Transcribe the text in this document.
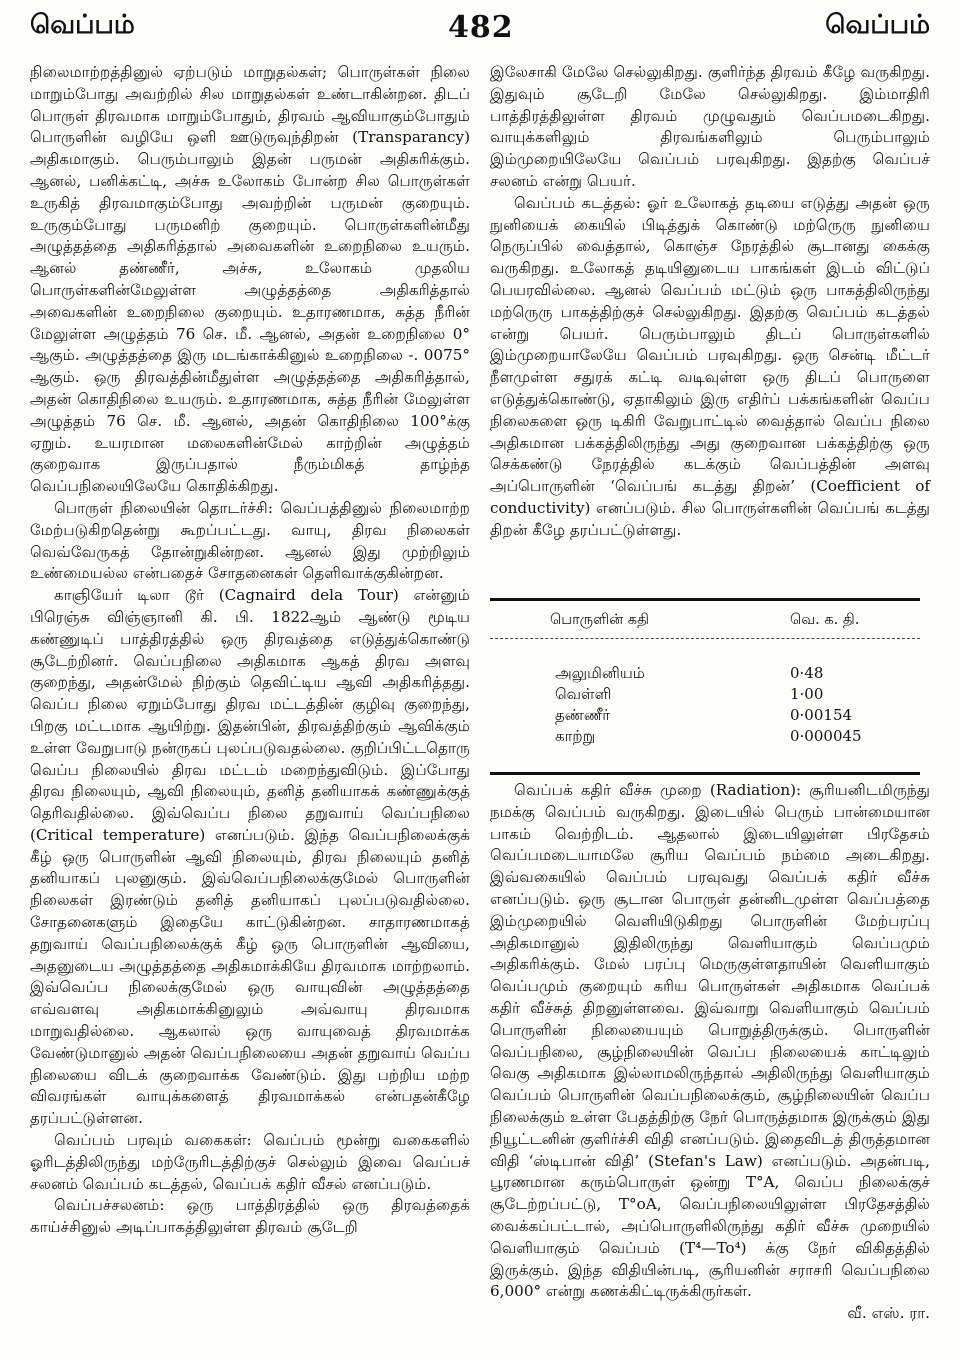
வெப்பம்	482	வெப்பம்

நிலைமாற்றத்தினுல் ஏற்படும் மாறுதல்கள்; பொருள்கள் நிலை மாறும்போது அவற்றில் சில மாறுதல்கள் உண்டாகின்றன. திடப் பொருள் திரவமாக மாறும்போதும், திரவம் ஆவியாகும்போதும் பொருளின் வழியே ஒளி ஊடுருவுந்திறன் (Transparancy) அதிகமாகும். பெரும்பாலும் இதன் பருமன் அதிகரிக்கும். ஆனல், பனிக்கட்டி, அச்சு உலோகம் போன்ற சில பொருள்கள் உருகித் திரவமாகும்போது அவற்றின் பருமன் குறையும். உருகும்போது பருமனிற் குறையும். பொருள்களின்மீது அழுத்தத்தை அதிகரித்தால் அவைகளின் உறைநிலை உயரும். ஆனல் தண்ணீர், அச்சு, உலோகம் முதலிய பொருள்களின்மேலுள்ள அழுத்தத்தை அதிகரித்தால் அவைகளின் உறைநிலை குறையும். உதாரணமாக, சுத்த நீரின் மேலுள்ள அழுத்தம் 76 செ. மீ. ஆனல், அதன் உறைநிலை 0° ஆகும். அழுத்தத்தை இரு மடங்காக்கினுல் உறைநிலை -. 0075° ஆகும். ஒரு திரவத்தின்மீதுள்ள அழுத்தத்தை அதிகரித்தால், அதன் கொதிநிலை உயரும். உதாரணமாக, சுத்த நீரின் மேலுள்ள அழுத்தம் 76 செ. மீ. ஆனல், அதன் கொதிநிலை 100°க்கு ஏறும். உயரமான மலைகளின்மேல் காற்றின் அழுத்தம் குறைவாக இருப்பதால் நீரும்மிகத் தாழ்ந்த வெப்பநிலையிலேயே கொதிக்கிறது.

பொருள் நிலையின் தொடர்ச்சி: வெப்பத்தினுல் நிலைமாற்ற மேற்படுகிறதென்று கூறப்பட்டது. வாயு, திரவ நிலைகள் வெவ்வேருகத் தோன்றுகின்றன. ஆனல் இது முற்றிலும் உண்மையல்ல என்பதைச் சோதனைகள் தெளிவாக்குகின்றன.

காஞியேர் டிலா டூர் (Cagnaird dela Tour) என்னும் பிரெஞ்சு விஞ்ஞானி கி. பி. 1822ஆம் ஆண்டு மூடிய கண்ணுடிப் பாத்திரத்தில் ஒரு திரவத்தை எடுத்துக்கொண்டு சூடேற்றினர். வெப்பநிலை அதிகமாக ஆகத் திரவ அளவு குறைந்து, அதன்மேல் நிற்கும் தெவிட்டிய ஆவி அதிகரித்தது. வெப்ப நிலை ஏறும்போது திரவ மட்டத்தின் குழிவு குறைந்து, பிறகு மட்டமாக ஆயிற்று. இதன்பின், திரவத்திற்கும் ஆவிக்கும் உள்ள வேறுபாடு நன்ருகப் புலப்படுவதல்லை. குறிப்பிட்டதொரு வெப்ப நிலையில் திரவ மட்டம் மறைந்துவிடும். இப்போது திரவ நிலையும், ஆவி நிலையும், தனித் தனியாகக் கண்ணுக்குத் தெரிவதில்லை. இவ்வெப்ப நிலை தறுவாய் வெப்பநிலை (Critical temperature) எனப்படும். இந்த வெப்பநிலைக்குக் கீழ் ஒரு பொருளின் ஆவி நிலையும், திரவ நிலையும் தனித் தனியாகப் புலனுகும். இவ்வெப்பநிலைக்குமேல் பொருளின் நிலைகள் இரண்டும் தனித் தனியாகப் புலப்படுவதில்லை. சோதனைகளும் இதையே காட்டுகின்றன. சாதாரணமாகத் தறுவாய் வெப்பநிலைக்குக் கீழ் ஒரு பொருளின் ஆவியை, அதனுடைய அழுத்தத்தை அதிகமாக்கியே திரவமாக மாற்றலாம். இவ்வெப்ப நிலைக்குமேல் ஒரு வாயுவின் அழுத்தத்தை எவ்வளவு அதிகமாக்கினுலும் அவ்வாயு திரவமாக மாறுவதில்லை. ஆகலால் ஒரு வாயுவைத் திரவமாக்க வேண்டுமானுல் அதன் வெப்பநிலையை அதன் தறுவாய் வெப்ப நிலையை விடக் குறைவாக்க வேண்டும். இது பற்றிய மற்ற விவரங்கள் வாயுக்களைத் திரவமாக்கல் என்பதன்கீழே தரப்பட்டுள்ளன.

வெப்பம் பரவும் வகைகள்: வெப்பம் மூன்று வகைகளில் ஓரிடத்திலிருந்து மற்ருேரிடத்திற்குச் செல்லும் இவை வெப்பச் சலனம் வெப்பம் கடத்தல், வெப்பக் கதிர் வீசல் எனப்படும்.

வெப்பச்சலனம்: ஒரு பாத்திரத்தில் ஒரு திரவத்தைக் காய்ச்சினுல் அடிப்பாகத்திலுள்ள திரவம் சூடேறி

இலேசாகி மேலே செல்லுகிறது. குளிர்ந்த திரவம் கீழே வருகிறது. இதுவும் சூடேறி மேலே செல்லுகிறது. இம்மாதிரி பாத்திரத்திலுள்ள திரவம் முழுவதும் வெப்பமடைகிறது. வாயுக்களிலும் திரவங்களிலும் பெரும்பாலும் இம்முறையிலேயே வெப்பம் பரவுகிறது. இதற்கு வெப்பச் சலனம் என்று பெயர்.

வெப்பம் கடத்தல்: ஓர் உலோகத் தடியை எடுத்து அதன் ஒரு நுனியைக் கையில் பிடித்துக் கொண்டு மற்ருெரு நுனியை நெருப்பில் வைத்தால், கொஞ்ச நேரத்தில் சூடானது கைக்கு வருகிறது. உலோகத் தடியினுடைய பாகங்கள் இடம் விட்டுப் பெயரவில்லை. ஆனல் வெப்பம் மட்டும் ஒரு பாகத்திலிருந்து மற்ருெரு பாகத்திற்குச் செல்லுகிறது. இதற்கு வெப்பம் கடத்தல் என்று பெயர். பெரும்பாலும் திடப் பொருள்களில் இம்முறையாலேயே வெப்பம் பரவுகிறது. ஒரு சென்டி மீட்டர் நீளமுள்ள சதுரக் கட்டி வடிவுள்ள ஒரு திடப் பொருளை எடுத்துக்கொண்டு, ஏதாகிலும் இரு எதிர்ப் பக்கங்களின் வெப்ப நிலைகளை ஒரு டிகிரி வேறுபாட்டில் வைத்தால் வெப்ப நிலை அதிகமான பக்கத்திலிருந்து அது குறைவான பக்கத்திற்கு ஒரு செக்கண்டு நேரத்தில் கடக்கும் வெப்பத்தின் அளவு அப்பொருளின் ‘வெப்பங் கடத்து திறன்’ (Coefficient of conductivity) எனப்படும். சில பொருள்களின் வெப்பங் கடத்து திறன் கீழே தரப்பட்டுள்ளது.

பொருளின் கதி	வெ. க. தி.
அலுமினியம்	0·48
வெள்ளி	1·00
தண்ணீர்	0·00154
காற்று	0·000045

வெப்பக் கதிர் வீச்சு முறை (Radiation): சூரியனிடமிருந்து நமக்கு வெப்பம் வருகிறது. இடையில் பெரும் பான்மையான பாகம் வெற்றிடம். ஆதலால் இடையிலுள்ள பிரதேசம் வெப்பமடையாமலே சூரிய வெப்பம் நம்மை அடைகிறது. இவ்வகையில் வெப்பம் பரவுவது வெப்பக் கதிர் வீச்சு எனப்படும். ஒரு சூடான பொருள் தன்னிடமுள்ள வெப்பத்தை இம்முறையில் வெளியிடுகிறது பொருளின் மேற்பரப்பு அதிகமானுல் இதிலிருந்து வெளியாகும் வெப்பமும் அதிகரிக்கும். மேல் பரப்பு மெருகுள்ளதாயின் வெளியாகும் வெப்பமும் குறையும் கரிய பொருள்கள் அதிகமாக வெப்பக் கதிர் வீச்சுத் திறனுள்ளவை. இவ்வாறு வெளியாகும் வெப்பம் பொருளின் நிலையையும் பொறுத்திருக்கும். பொருளின் வெப்பநிலை, சூழ்நிலையின் வெப்ப நிலையைக் காட்டிலும் வெகு அதிகமாக இல்லாமலிருந்தால் அதிலிருந்து வெளியாகும் வெப்பம் பொருளின் வெப்பநிலைக்கும், சூழ்நிலையின் வெப்ப நிலைக்கும் உள்ள பேதத்திற்கு நேர் பொருத்தமாக இருக்கும் இது நியூட்டனின் குளிர்ச்சி விதி எனப்படும். இதைவிடத் திருத்தமான விதி ‘ஸ்டிபான் விதி’ (Stefan's Law) எனப்படும். அதன்படி, பூரணமான கரும்பொருள் ஒன்று T°A, வெப்ப நிலைக்குச் சூடேற்றப்பட்டு, T°oA, வெப்பநிலையிலுள்ள பிரதேசத்தில் வைக்கப்பட்டால், அப்பொருளிலிருந்து கதிர் வீச்சு முறையில் வெளியாகும் வெப்பம் (T⁴—To⁴) க்கு நேர் விகிதத்தில் இருக்கும். இந்த விதியின்படி, சூரியனின் சராசரி வெப்பநிலை 6,000° என்று கணக்கிட்டிருக்கிருர்கள்.

வீ. எஸ். ரா.
